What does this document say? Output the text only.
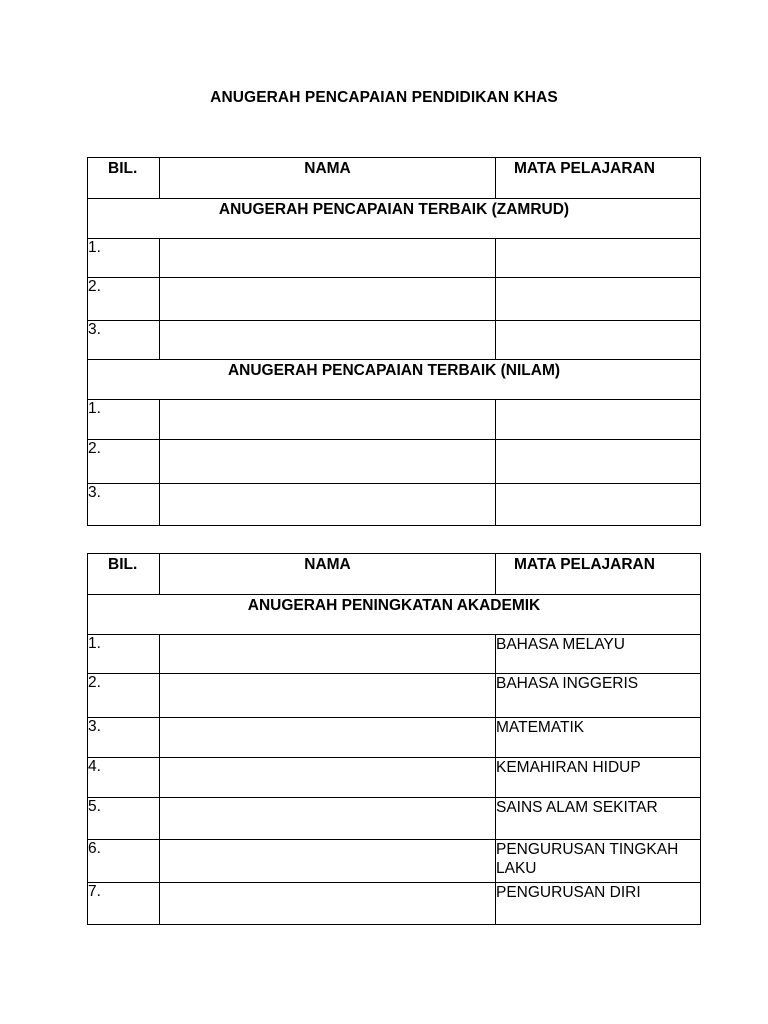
ANUGERAH PENCAPAIAN PENDIDIKAN KHAS
BIL.	NAMA	MATA PELAJARAN
ANUGERAH PENCAPAIAN TERBAIK (ZAMRUD)		
1.		
2.		
3.		
ANUGERAH PENCAPAIAN TERBAIK (NILAM)		
1.		
2.		
3.		
BIL.	NAMA	MATA PELAJARAN
ANUGERAH PENINGKATAN AKADEMIK		
1.		BAHASA MELAYU
2.		BAHASA INGGERIS
3.		MATEMATIK
4.		KEMAHIRAN HIDUP
5.		SAINS ALAM SEKITAR
6.		PENGURUSAN TINGKAH LAKU
7.		PENGURUSAN DIRI
